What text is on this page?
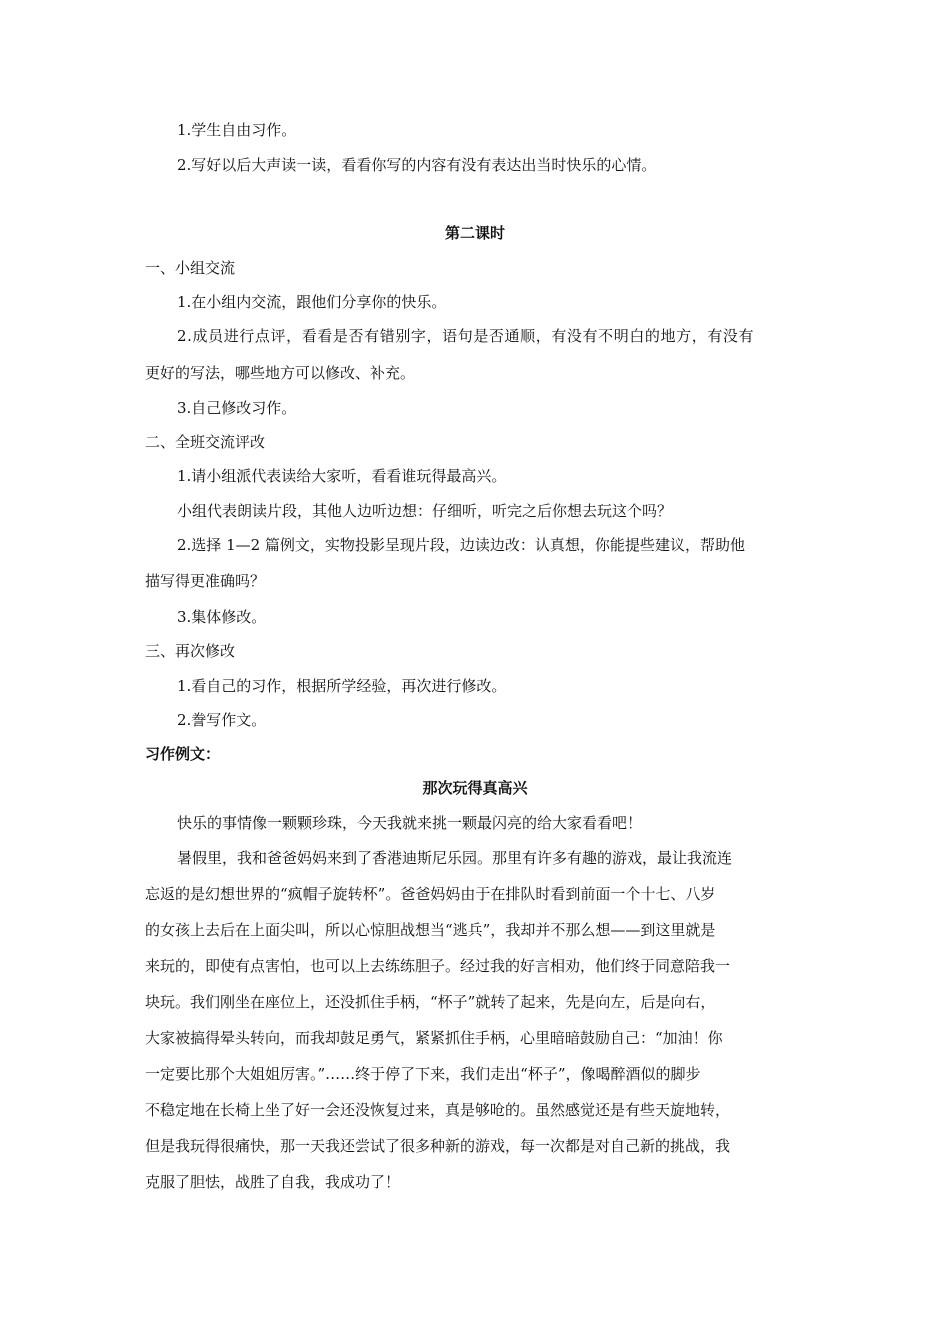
1.学生自由习作。
2.写好以后大声读一读，看看你写的内容有没有表达出当时快乐的心情。
第二课时
一、小组交流
1.在小组内交流，跟他们分享你的快乐。
2.成员进行点评，看看是否有错别字，语句是否通顺，有没有不明白的地方，有没有
更好的写法，哪些地方可以修改、补充。
3.自己修改习作。
二、全班交流评改
1.请小组派代表读给大家听，看看谁玩得最高兴。
小组代表朗读片段，其他人边听边想：仔细听，听完之后你想去玩这个吗？
2.选择 1—2 篇例文，实物投影呈现片段，边读边改：认真想，你能提些建议，帮助他
描写得更准确吗？
3.集体修改。
三、再次修改
1.看自己的习作，根据所学经验，再次进行修改。
2.誊写作文。
习作例文：
那次玩得真高兴
快乐的事情像一颗颗珍珠，今天我就来挑一颗最闪亮的给大家看看吧！
暑假里，我和爸爸妈妈来到了香港迪斯尼乐园。那里有许多有趣的游戏，最让我流连
忘返的是幻想世界的“疯帽子旋转杯”。爸爸妈妈由于在排队时看到前面一个十七、八岁
的女孩上去后在上面尖叫，所以心惊胆战想当“逃兵”，我却并不那么想——到这里就是
来玩的，即使有点害怕，也可以上去练练胆子。经过我的好言相劝，他们终于同意陪我一
块玩。我们刚坐在座位上，还没抓住手柄，“杯子”就转了起来，先是向左，后是向右，
大家被搞得晕头转向，而我却鼓足勇气，紧紧抓住手柄，心里暗暗鼓励自己：“加油！你
一定要比那个大姐姐厉害。”……终于停了下来，我们走出“杯子”，像喝醉酒似的脚步
不稳定地在长椅上坐了好一会还没恢复过来，真是够呛的。虽然感觉还是有些天旋地转，
但是我玩得很痛快，那一天我还尝试了很多种新的游戏，每一次都是对自己新的挑战，我
克服了胆怯，战胜了自我，我成功了！
